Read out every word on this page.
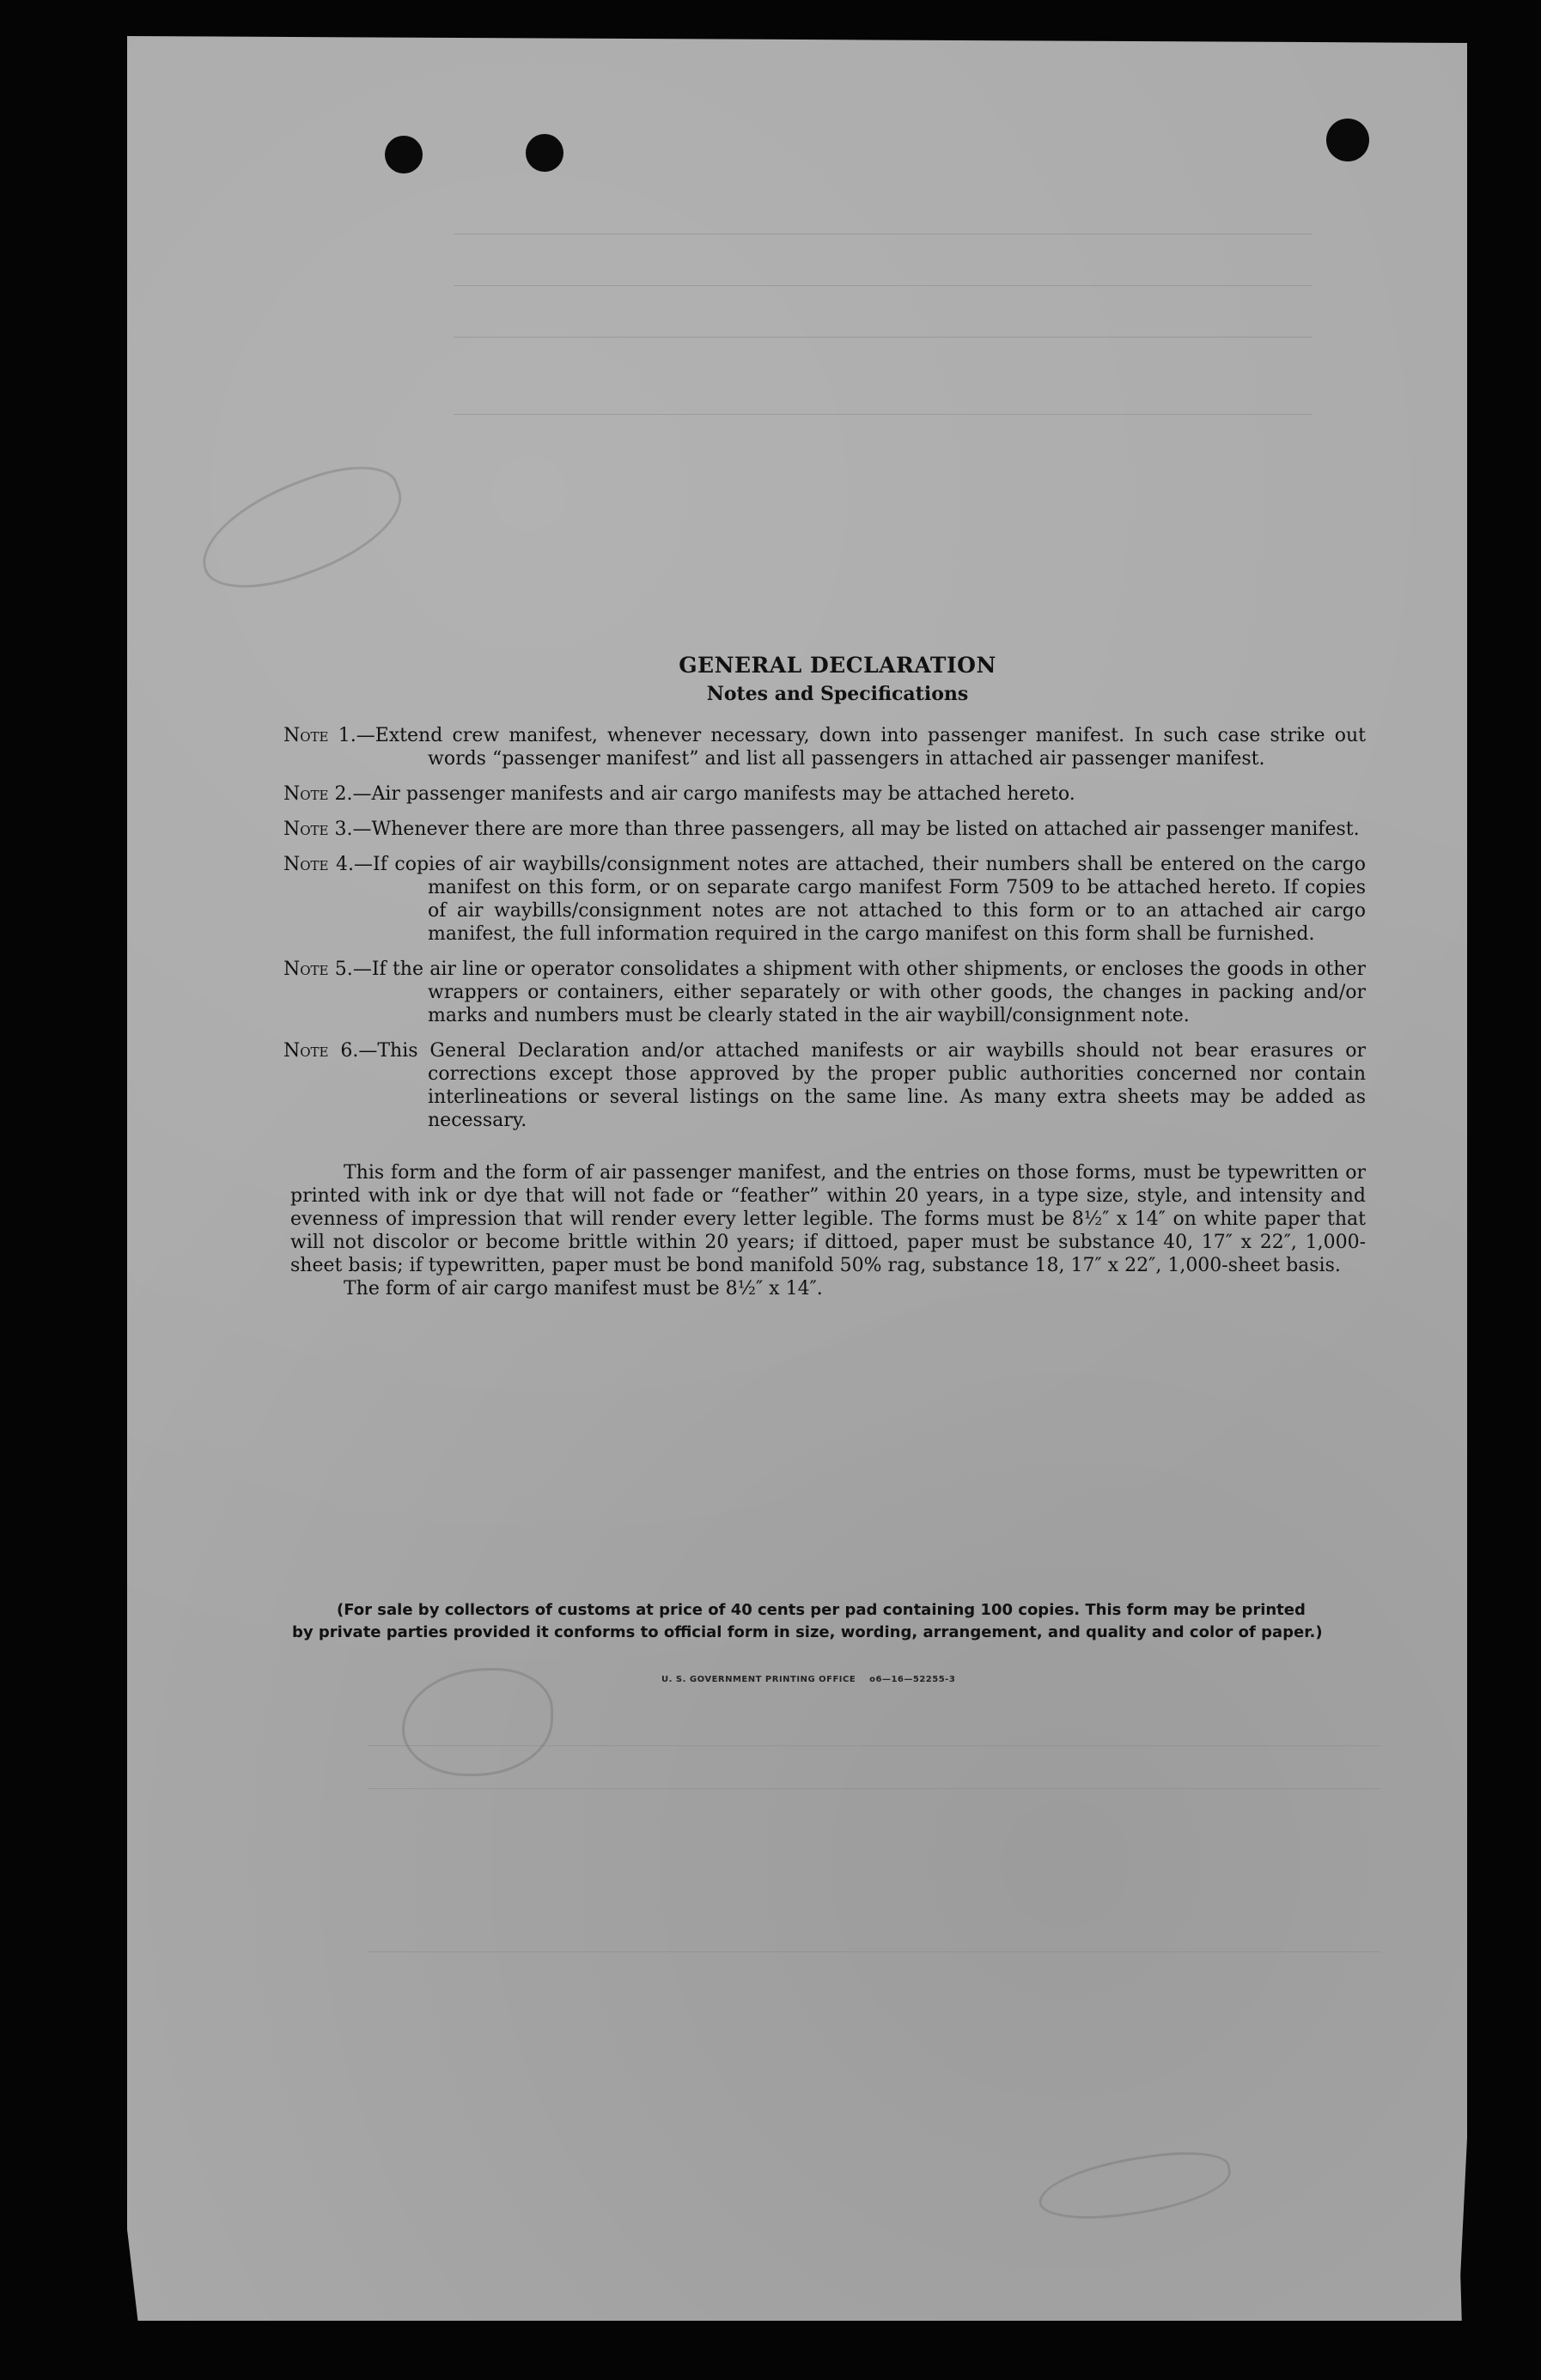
GENERAL DECLARATION
Notes and Specifications

Note 1.—Extend crew manifest, whenever necessary, down into passenger manifest. In such case strike out words “passenger manifest” and list all passengers in attached air passenger manifest.

Note 2.—Air passenger manifests and air cargo manifests may be attached hereto.

Note 3.—Whenever there are more than three passengers, all may be listed on attached air passenger manifest.

Note 4.—If copies of air waybills/consignment notes are attached, their numbers shall be entered on the cargo manifest on this form, or on separate cargo manifest Form 7509 to be attached hereto. If copies of air waybills/consignment notes are not attached to this form or to an attached air cargo manifest, the full information required in the cargo manifest on this form shall be furnished.

Note 5.—If the air line or operator consolidates a shipment with other shipments, or encloses the goods in other wrappers or containers, either separately or with other goods, the changes in packing and/or marks and numbers must be clearly stated in the air waybill/consignment note.

Note 6.—This General Declaration and/or attached manifests or air waybills should not bear erasures or corrections except those approved by the proper public authorities concerned nor contain interlineations or several listings on the same line. As many extra sheets may be added as necessary.

This form and the form of air passenger manifest, and the entries on those forms, must be typewritten or printed with ink or dye that will not fade or “feather” within 20 years, in a type size, style, and intensity and evenness of impression that will render every letter legible. The forms must be 8½″ x 14″ on white paper that will not discolor or become brittle within 20 years; if dittoed, paper must be substance 40, 17″ x 22″, 1,000-sheet basis; if typewritten, paper must be bond manifold 50% rag, substance 18, 17″ x 22″, 1,000-sheet basis.

The form of air cargo manifest must be 8½″ x 14″.

(For sale by collectors of customs at price of 40 cents per pad containing 100 copies. This form may be printed
by private parties provided it conforms to official form in size, wording, arrangement, and quality and color of paper.)
U. S. GOVERNMENT PRINTING OFFICE o6—16—52255-3
